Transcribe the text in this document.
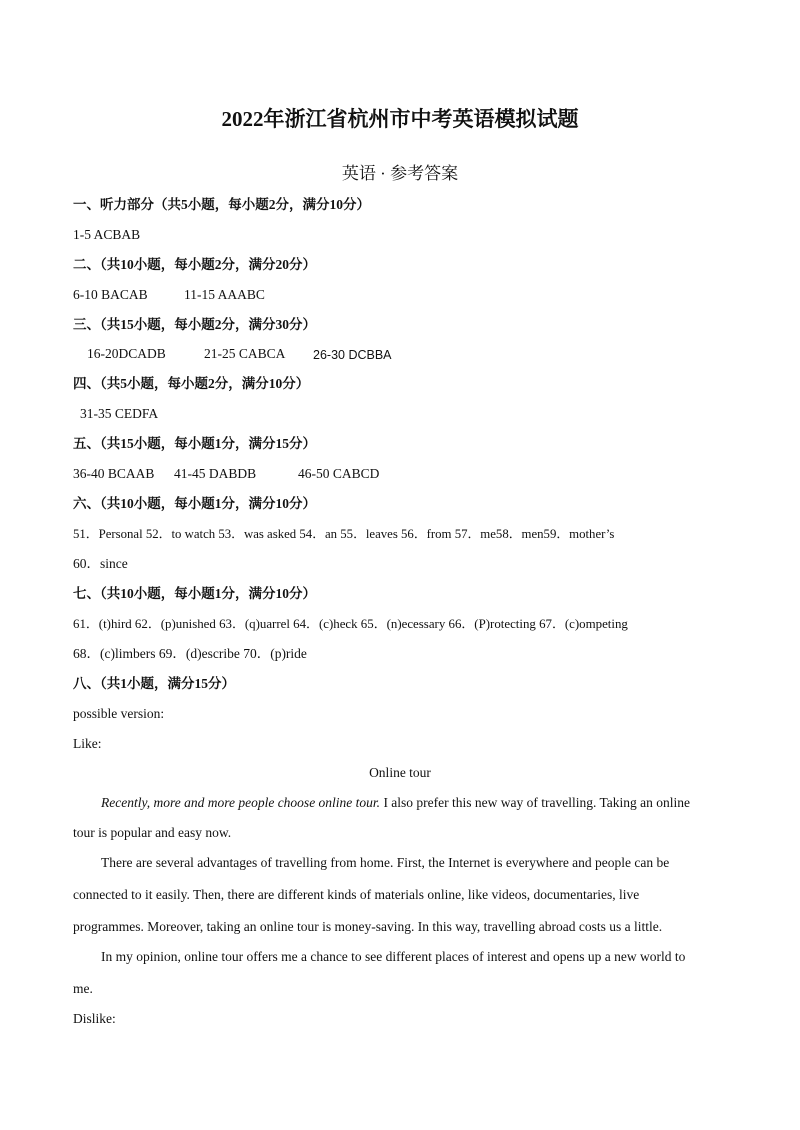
2022年浙江省杭州市中考英语模拟试题
英语 · 参考答案
一、听力部分（共5小题，每小题2分，满分10分）
1-5 ACBAB
二、（共10小题，每小题2分，满分20分）
6-10 BACAB	11-15 AAABC
三、（共15小题，每小题2分，满分30分）
16-20DCADB	21-25 CABCA 26-30 DCBBA
四、（共5小题，每小题2分，满分10分）
31-35 CEDFA
五、（共15小题，每小题1分，满分15分）
36-40 BCAAB 41-45 DABDB	46-50 CABCD
六、（共10小题，每小题1分，满分10分）
51．Personal 52．to watch 53．was asked 54．an 55．leaves 56．from 57．me58．men59．mother’s
60．since
七、（共10小题，每小题1分，满分10分）
61．(t)hird 62．(p)unished 63．(q)uarrel 64．(c)heck 65．(n)ecessary 66．(P)rotecting 67．(c)ompeting
68．(c)limbers 69．(d)escribe 70．(p)ride
八、（共1小题，满分15分）
possible version:
Like:
Online tour
Recently, more and more people choose online tour. I also prefer this new way of travelling. Taking an online
tour is popular and easy now.
There are several advantages of travelling from home. First, the Internet is everywhere and people can be
connected to it easily. Then, there are different kinds of materials online, like videos, documentaries, live
programmes. Moreover, taking an online tour is money-saving. In this way, travelling abroad costs us a little.
In my opinion, online tour offers me a chance to see different places of interest and opens up a new world to
me.
Dislike:
